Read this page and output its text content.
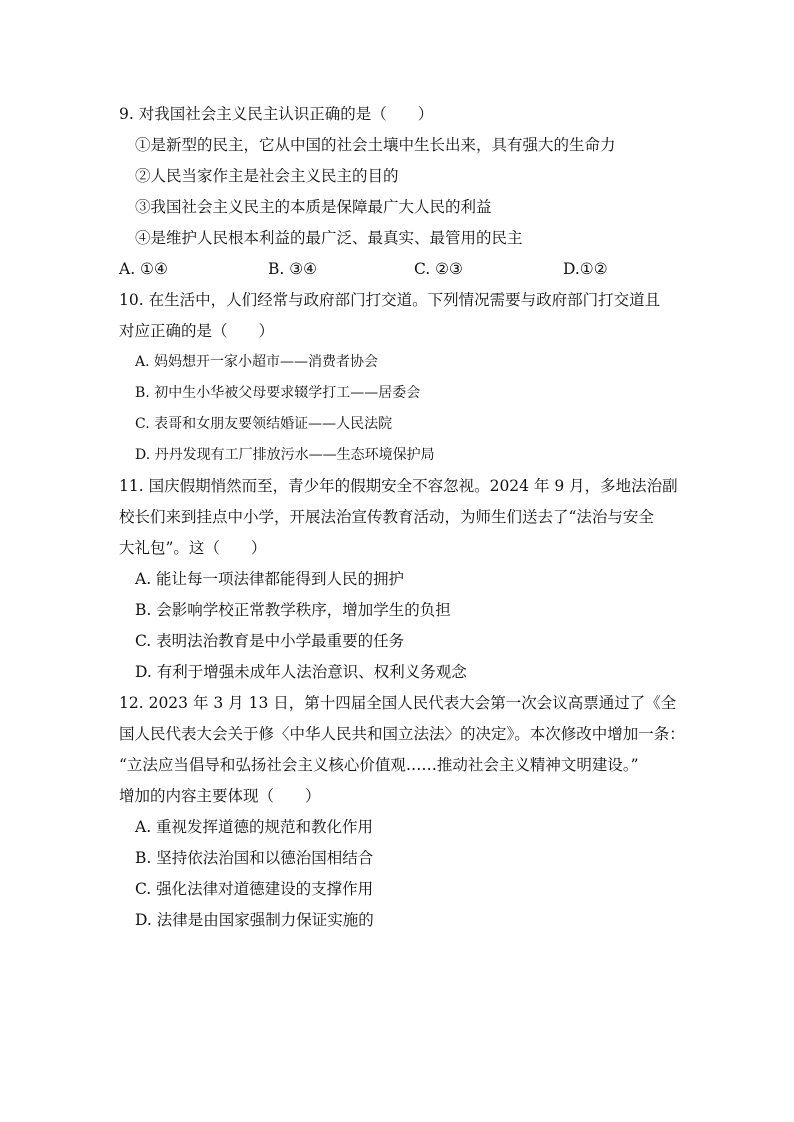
9. 对我国社会主义民主认识正确的是（　　）
①是新型的民主，它从中国的社会土壤中生长出来，具有强大的生命力
②人民当家作主是社会主义民主的目的
③我国社会主义民主的本质是保障最广大人民的利益
④是维护人民根本利益的最广泛、最真实、最管用的民主
A. ①④	B. ③④	C. ②③	D.①②
10. 在生活中，人们经常与政府部门打交道。下列情况需要与政府部门打交道且
对应正确的是（　　）
A. 妈妈想开一家小超市——消费者协会
B. 初中生小华被父母要求辍学打工——居委会
C. 表哥和女朋友要领结婚证——人民法院
D. 丹丹发现有工厂排放污水——生态环境保护局
11. 国庆假期悄然而至，青少年的假期安全不容忽视。2024 年 9 月，多地法治副
校长们来到挂点中小学，开展法治宣传教育活动，为师生们送去了“法治与安全
大礼包”。这（　　）
A. 能让每一项法律都能得到人民的拥护
B. 会影响学校正常教学秩序，增加学生的负担
C. 表明法治教育是中小学最重要的任务
D. 有利于增强未成年人法治意识、权利义务观念
12. 2023 年 3 月 13 日，第十四届全国人民代表大会第一次会议高票通过了《全
国人民代表大会关于修〈中华人民共和国立法法〉的决定》。本次修改中增加一条：
“立法应当倡导和弘扬社会主义核心价值观……推动社会主义精神文明建设。”
增加的内容主要体现（　　）
A. 重视发挥道德的规范和教化作用
B. 坚持依法治国和以德治国相结合
C. 强化法律对道德建设的支撑作用
D. 法律是由国家强制力保证实施的
